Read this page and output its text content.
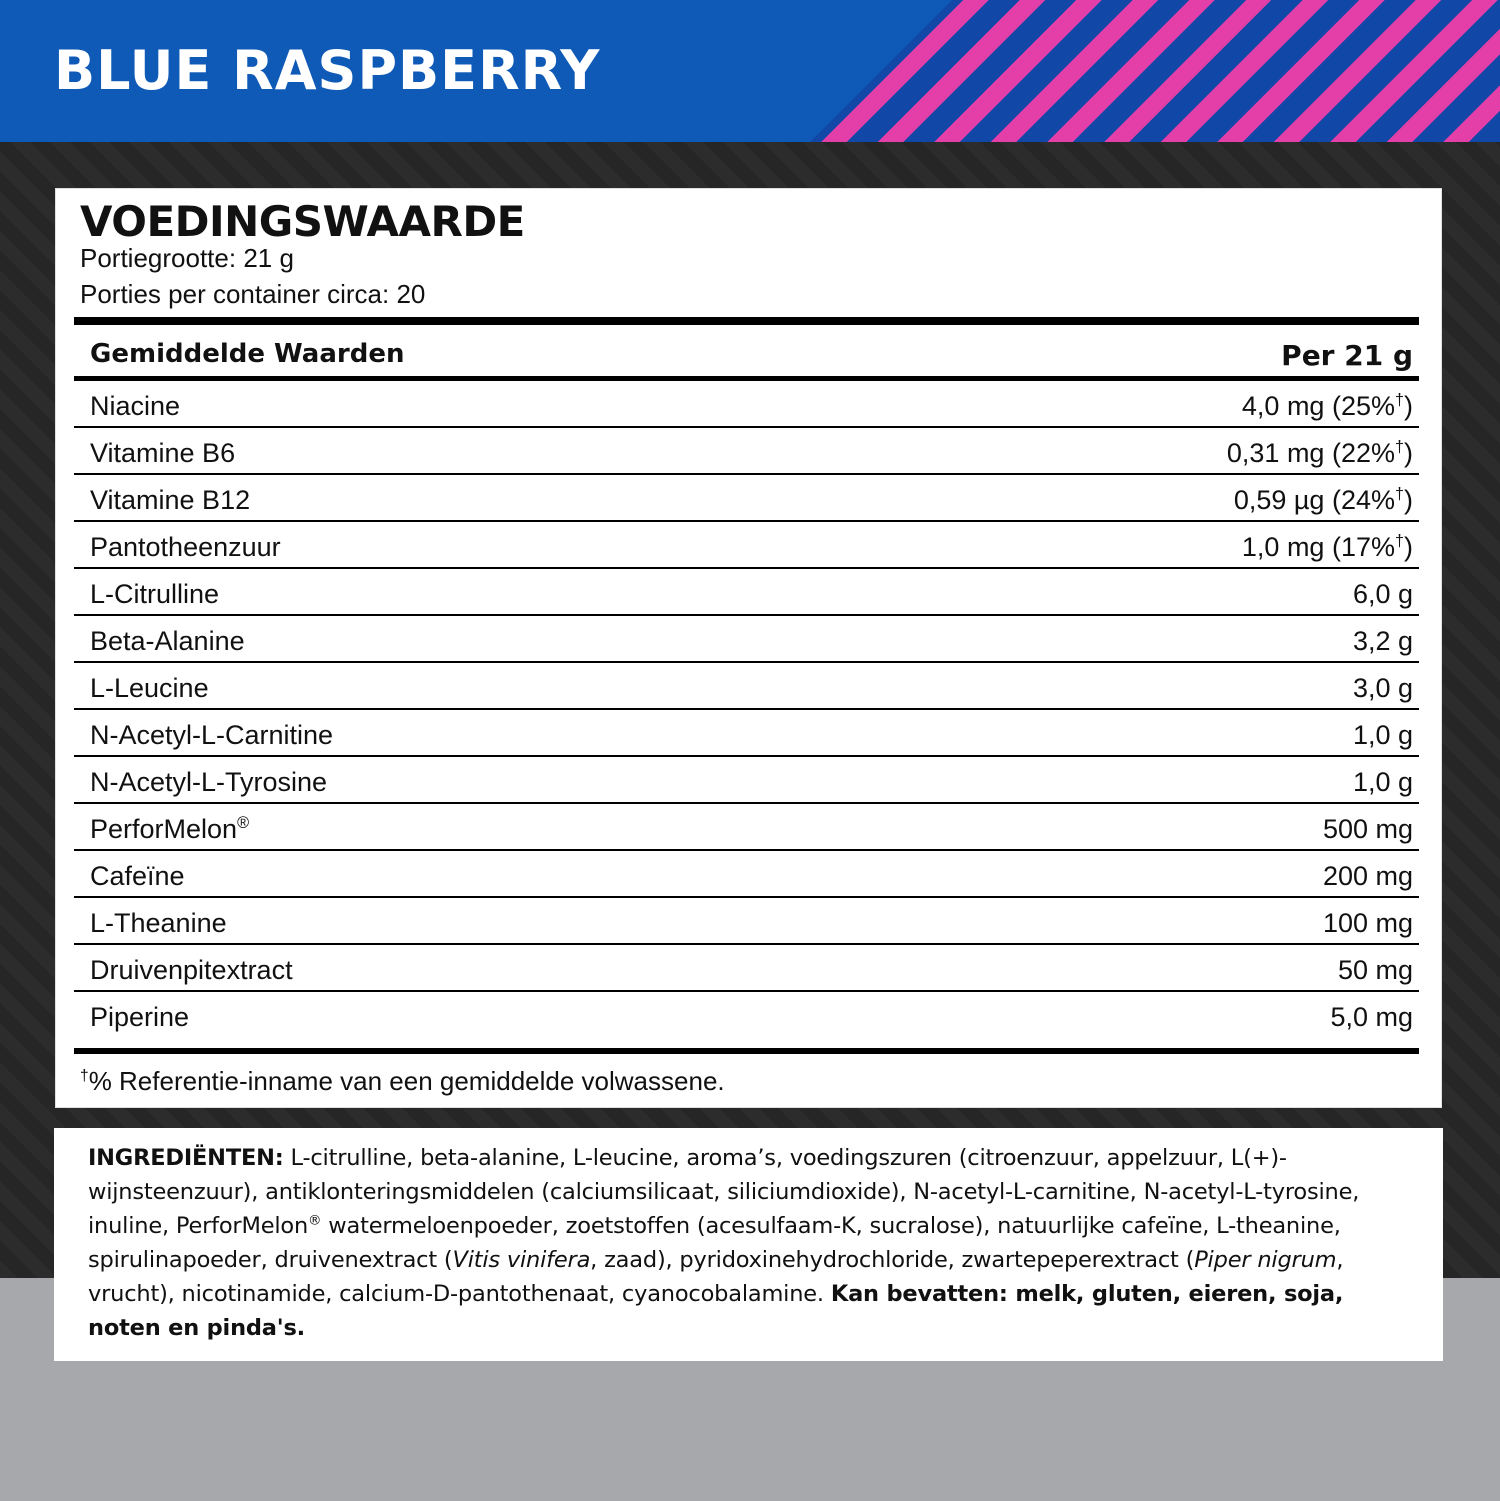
BLUE RASPBERRY
VOEDINGSWAARDE
Portiegrootte: 21 g
Porties per container circa: 20
Gemiddelde Waarden	Per 21 g
Niacine	4,0 mg (25%†)
Vitamine B6	0,31 mg (22%†)
Vitamine B12	0,59 µg (24%†)
Pantotheenzuur	1,0 mg (17%†)
L-Citrulline	6,0 g
Beta-Alanine	3,2 g
L-Leucine	3,0 g
N-Acetyl-L-Carnitine	1,0 g
N-Acetyl-L-Tyrosine	1,0 g
PerforMelon®	500 mg
Cafeïne	200 mg
L-Theanine	100 mg
Druivenpitextract	50 mg
Piperine	5,0 mg
†% Referentie-inname van een gemiddelde volwassene.
INGREDIËNTEN: L-citrulline, beta-alanine, L-leucine, aroma’s, voedingszuren (citroenzuur, appelzuur, L(+)-wijnsteenzuur), antiklonteringsmiddelen (calciumsilicaat, siliciumdioxide), N-acetyl-L-carnitine, N-acetyl-L-tyrosine, inuline, PerforMelon® watermeloenpoeder, zoetstoffen (acesulfaam-K, sucralose), natuurlijke cafeïne, L-theanine, spirulinapoeder, druivenextract (Vitis vinifera, zaad), pyridoxinehydrochloride, zwartepeperextract (Piper nigrum, vrucht), nicotinamide, calcium-D-pantothenaat, cyanocobalamine. Kan bevatten: melk, gluten, eieren, soja, noten en pinda's.
